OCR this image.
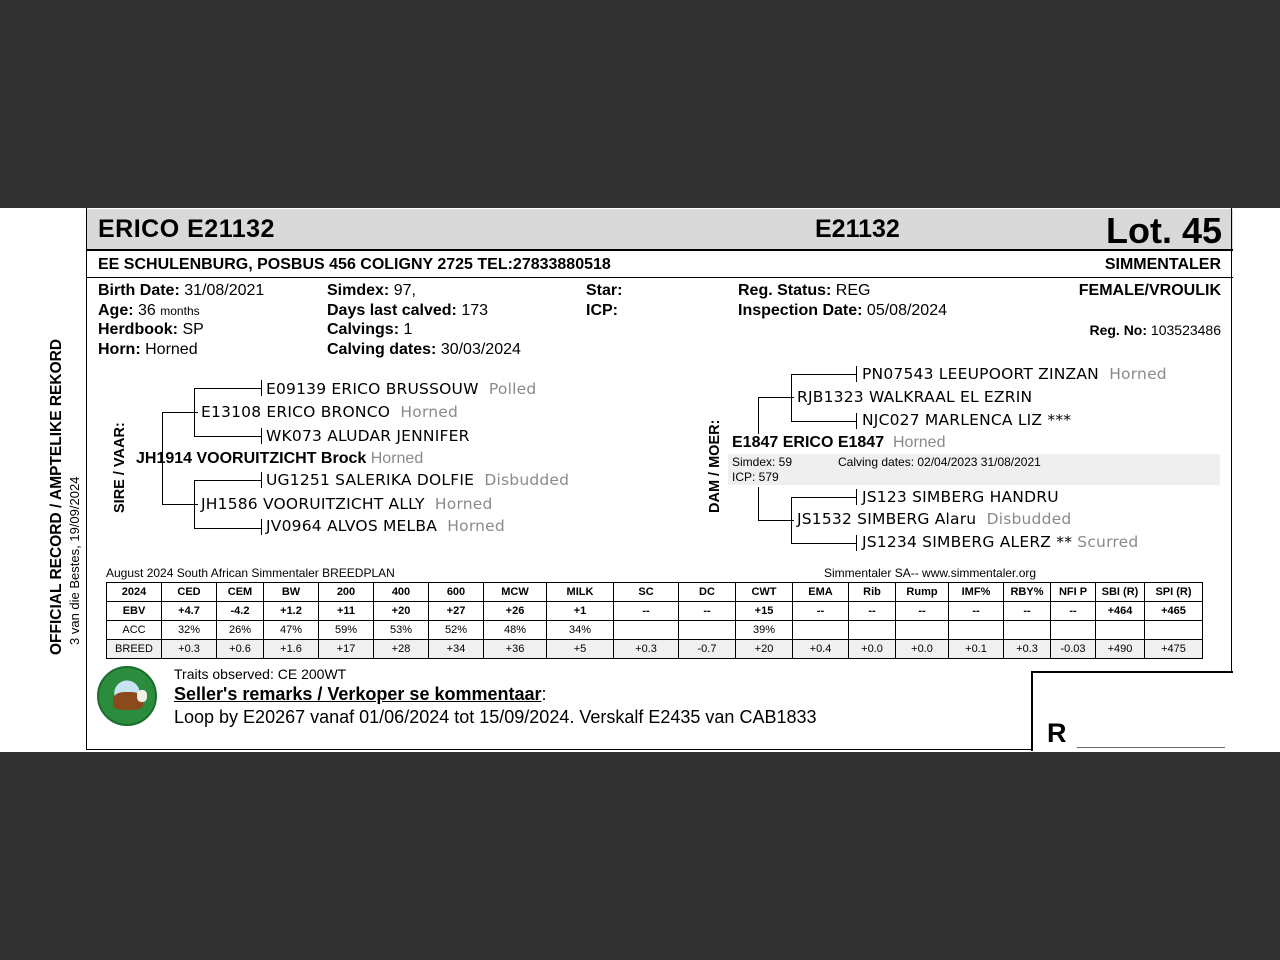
ERICO E21132	E21132	Lot. 45
EE SCHULENBURG, POSBUS 456 COLIGNY 2725 TEL:27833880518	SIMMENTALER
Birth Date: 31/08/2021
Age: 36 months
Herdbook: SP
Horn: Horned
Simdex: 97,
Days last calved: 173
Calvings: 1
Calving dates: 30/03/2024
Star:
ICP:
Reg. Status: REG
Inspection Date: 05/08/2024
FEMALE/VROULIK
Reg. No: 103523486
OFFICIAL RECORD / AMPTELIKE REKORD 3 van die Bestes, 19/09/2024
SIRE / VAAR:	DAM / MOER:
E09139 ERICO BRUSSOUW Polled
E13108 ERICO BRONCO Horned
WK073 ALUDAR JENNIFER
JH1914 VOORUITZICHT Brock Horned
UG1251 SALERIKA DOLFIE Disbudded
JH1586 VOORUITZICHT ALLY Horned
JV0964 ALVOS MELBA Horned
PN07543 LEEUPOORT ZINZAN Horned
RJB1323 WALKRAAL EL EZRIN
NJC027 MARLENCA LIZ ***
E1847 ERICO E1847 Horned
Simdex: 59	Calving dates: 02/04/2023 31/08/2021
ICP: 579
JS123 SIMBERG HANDRU
JS1532 SIMBERG Alaru Disbudded
JS1234 SIMBERG ALERZ ** Scurred
August 2024 South African Simmentaler BREEDPLAN	Simmentaler SA-- www.simmentaler.org
2024	CED	CEM	BW	200	400	600	MCW	MILK	SC	DC	CWT	EMA	Rib	Rump	IMF%	RBY%	NFI P	SBI (R)	SPI (R)
EBV	+4.7	-4.2	+1.2	+11	+20	+27	+26	+1	--	--	+15	--	--	--	--	--	--	+464	+465
ACC	32%	26%	47%	59%	53%	52%	48%	34%			39%								
BREED	+0.3	+0.6	+1.6	+17	+28	+34	+36	+5	+0.3	-0.7	+20	+0.4	+0.0	+0.0	+0.1	+0.3	-0.03	+490	+475
Traits observed: CE 200WT
Seller's remarks / Verkoper se kommentaar:
Loop by E20267 vanaf 01/06/2024 tot 15/09/2024. Verskalf E2435 van CAB1833
R ___________________
